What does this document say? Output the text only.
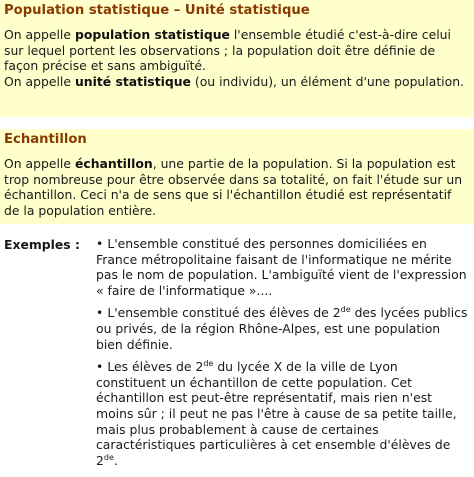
Population statistique – Unité statistique
On appelle population statistique l'ensemble étudié c'est-à-dire celui sur lequel portent les observations ; la population doit être définie de façon précise et sans ambiguïté.
On appelle unité statistique (ou individu), un élément d'une population.
Echantillon
On appelle échantillon, une partie de la population. Si la population est trop nombreuse pour être observée dans sa totalité, on fait l'étude sur un échantillon. Ceci n'a de sens que si l'échantillon étudié est représentatif de la population entière.
Exemples : • L'ensemble constitué des personnes domiciliées en France métropolitaine faisant de l'informatique ne mérite pas le nom de population. L'ambiguïté vient de l'expression « faire de l'informatique »....
• L'ensemble constitué des élèves de 2de des lycées publics ou privés, de la région Rhône-Alpes, est une population bien définie.
• Les élèves de 2de du lycée X de la ville de Lyon constituent un échantillon de cette population. Cet échantillon est peut-être représentatif, mais rien n'est moins sûr ; il peut ne pas l'être à cause de sa petite taille, mais plus probablement à cause de certaines caractéristiques particulières à cet ensemble d'élèves de 2de.
